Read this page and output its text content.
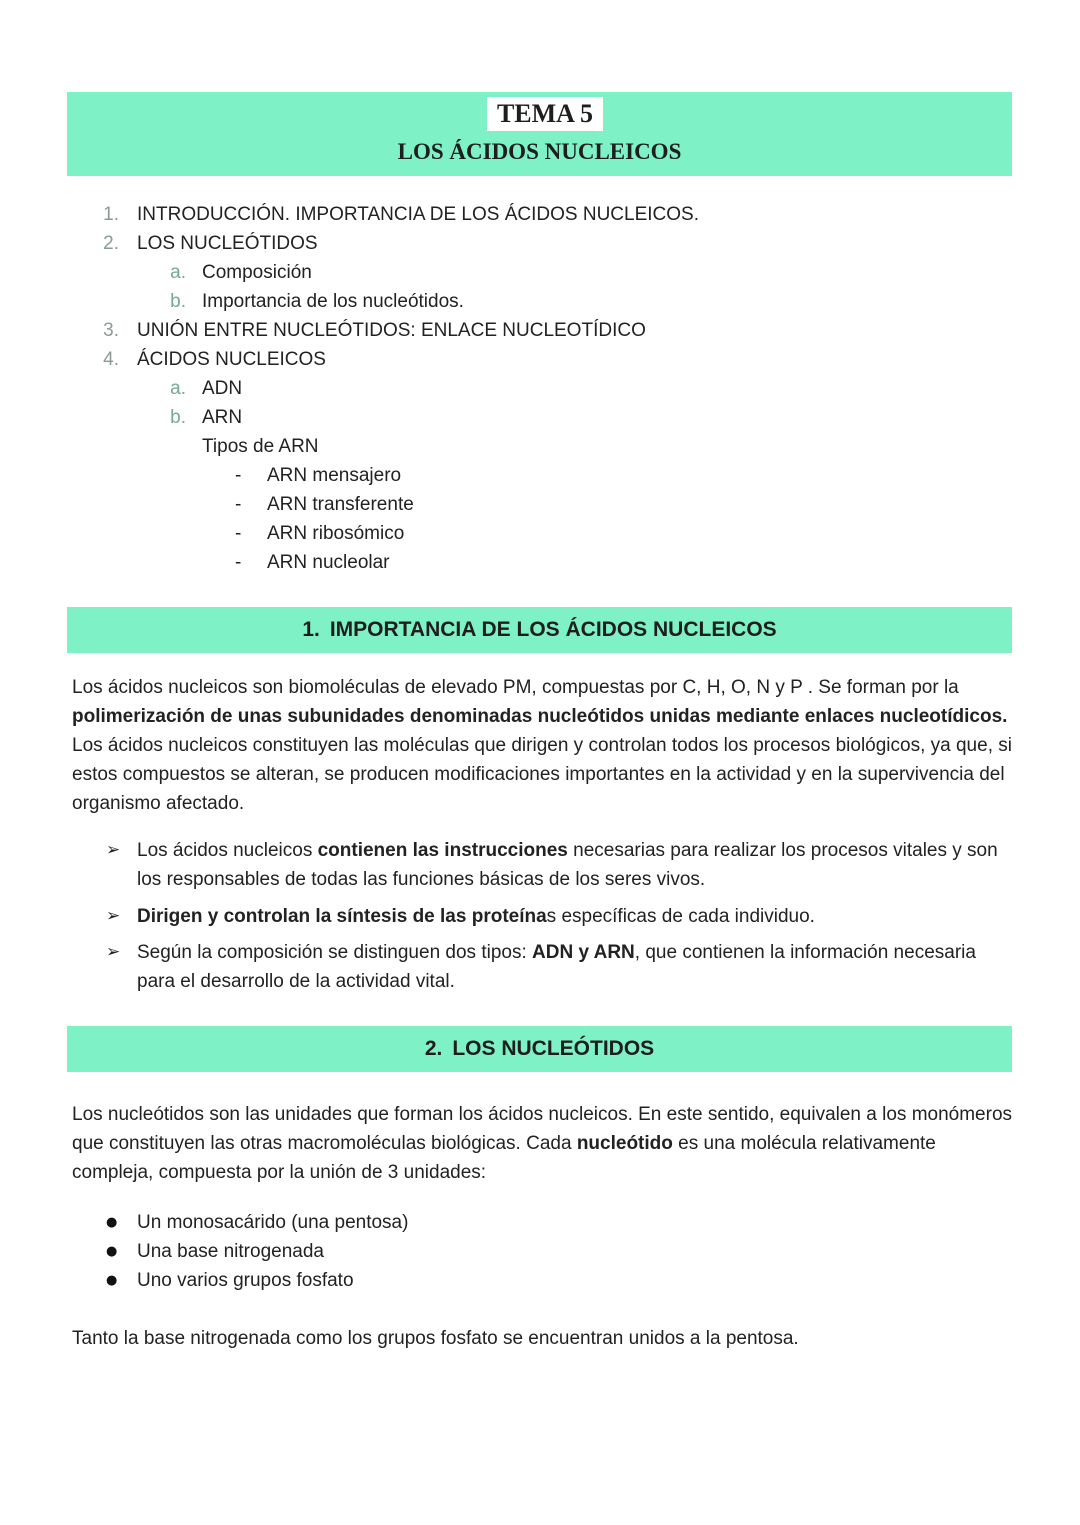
TEMA 5
LOS ÁCIDOS NUCLEICOS
1. INTRODUCCIÓN. IMPORTANCIA DE LOS ÁCIDOS NUCLEICOS.
2. LOS NUCLEÓTIDOS
a. Composición
b. Importancia de los nucleótidos.
3. UNIÓN ENTRE NUCLEÓTIDOS: ENLACE NUCLEOTÍDICO
4. ÁCIDOS NUCLEICOS
a. ADN
b. ARN
Tipos de ARN
- ARN mensajero
- ARN transferente
- ARN ribosómico
- ARN nucleolar
1. IMPORTANCIA DE LOS ÁCIDOS NUCLEICOS
Los ácidos nucleicos son biomoléculas de elevado PM, compuestas por C, H, O, N y P . Se forman por la polimerización de unas subunidades denominadas nucleótidos unidas mediante enlaces nucleotídicos.
Los ácidos nucleicos constituyen las moléculas que dirigen y controlan todos los procesos biológicos, ya que, si estos compuestos se alteran, se producen modificaciones importantes en la actividad y en la supervivencia del organismo afectado.
➢ Los ácidos nucleicos contienen las instrucciones necesarias para realizar los procesos vitales y son los responsables de todas las funciones básicas de los seres vivos.
➢ Dirigen y controlan la síntesis de las proteínas específicas de cada individuo.
➢ Según la composición se distinguen dos tipos: ADN y ARN, que contienen la información necesaria para el desarrollo de la actividad vital.
2. LOS NUCLEÓTIDOS
Los nucleótidos son las unidades que forman los ácidos nucleicos. En este sentido, equivalen a los monómeros que constituyen las otras macromoléculas biológicas. Cada nucleótido es una molécula relativamente compleja, compuesta por la unión de 3 unidades:
● Un monosacárido (una pentosa)
● Una base nitrogenada
● Uno varios grupos fosfato
Tanto la base nitrogenada como los grupos fosfato se encuentran unidos a la pentosa.
